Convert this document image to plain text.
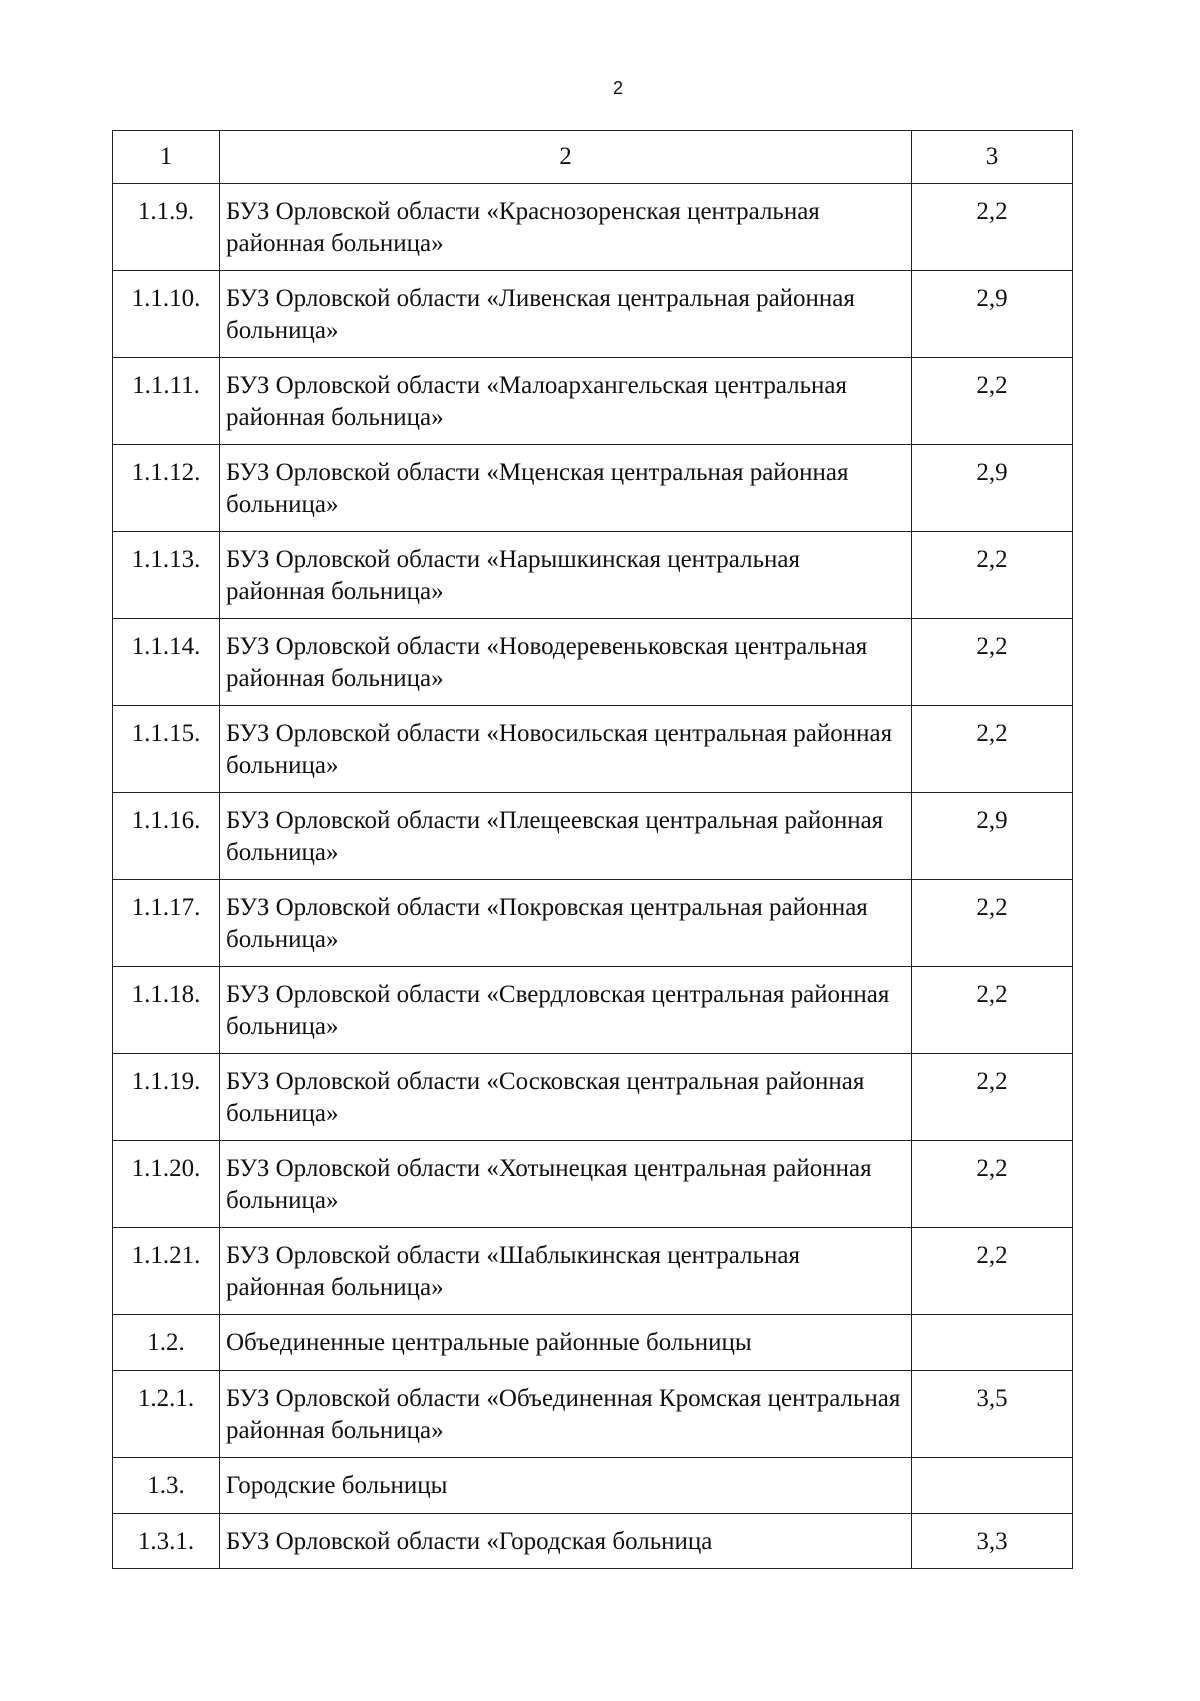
2
1	2	3
1.1.9.	БУЗ Орловской области «Краснозоренская центральная районная больница»	2,2
1.1.10.	БУЗ Орловской области «Ливенская центральная районная больница»	2,9
1.1.11.	БУЗ Орловской области «Малоархангельская центральная районная больница»	2,2
1.1.12.	БУЗ Орловской области «Мценская центральная районная больница»	2,9
1.1.13.	БУЗ Орловской области «Нарышкинская центральная районная больница»	2,2
1.1.14.	БУЗ Орловской области «Новодеревеньковская центральная районная больница»	2,2
1.1.15.	БУЗ Орловской области «Новосильская центральная районная больница»	2,2
1.1.16.	БУЗ Орловской области «Плещеевская центральная районная больница»	2,9
1.1.17.	БУЗ Орловской области «Покровская центральная районная больница»	2,2
1.1.18.	БУЗ Орловской области «Свердловская центральная районная больница»	2,2
1.1.19.	БУЗ Орловской области «Сосковская центральная районная больница»	2,2
1.1.20.	БУЗ Орловской области «Хотынецкая центральная районная больница»	2,2
1.1.21.	БУЗ Орловской области «Шаблыкинская центральная районная больница»	2,2
1.2.	Объединенные центральные районные больницы	
1.2.1.	БУЗ Орловской области «Объединенная Кромская центральная районная больница»	3,5
1.3.	Городские больницы	
1.3.1.	БУЗ Орловской области «Городская больница	3,3
